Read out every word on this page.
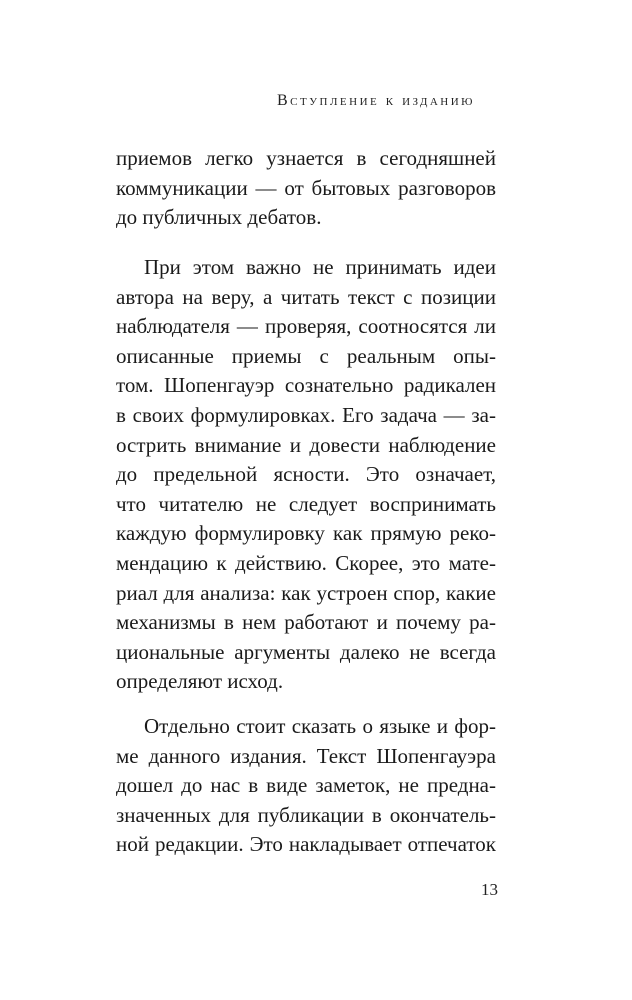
Вступление к изданию
приемов легко узнается в сегодняшней
коммуникации — от бытовых разговоров
до публичных дебатов.
При этом важно не принимать идеи
автора на веру, а читать текст с позиции
наблюдателя — проверяя, соотносятся ли
описанные приемы с реальным опы-
том. Шопенгауэр сознательно радикален
в своих формулировках. Его задача — за-
острить внимание и довести наблюдение
до предельной ясности. Это означает,
что читателю не следует воспринимать
каждую формулировку как прямую реко-
мендацию к действию. Скорее, это мате-
риал для анализа: как устроен спор, какие
механизмы в нем работают и почему ра-
циональные аргументы далеко не всегда
определяют исход.
Отдельно стоит сказать о языке и фор-
ме данного издания. Текст Шопенгауэра
дошел до нас в виде заметок, не предна-
значенных для публикации в окончатель-
ной редакции. Это накладывает отпечаток
13
